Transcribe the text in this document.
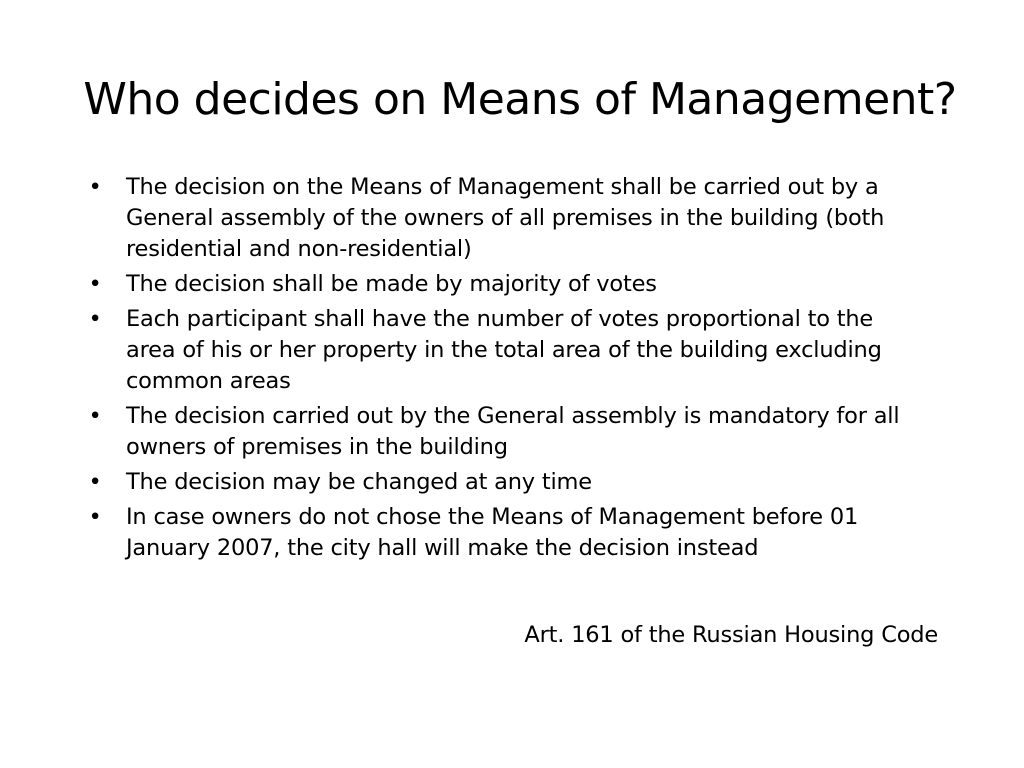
Who decides on Means of Management?
• The decision on the Means of Management shall be carried out by a General assembly of the owners of all premises in the building (both residential and non-residential)
• The decision shall be made by majority of votes
• Each participant shall have the number of votes proportional to the area of his or her property in the total area of the building excluding common areas
• The decision carried out by the General assembly is mandatory for all owners of premises in the building
• The decision may be changed at any time
• In case owners do not chose the Means of Management before 01 January 2007, the city hall will make the decision instead
Art. 161 of the Russian Housing Code
